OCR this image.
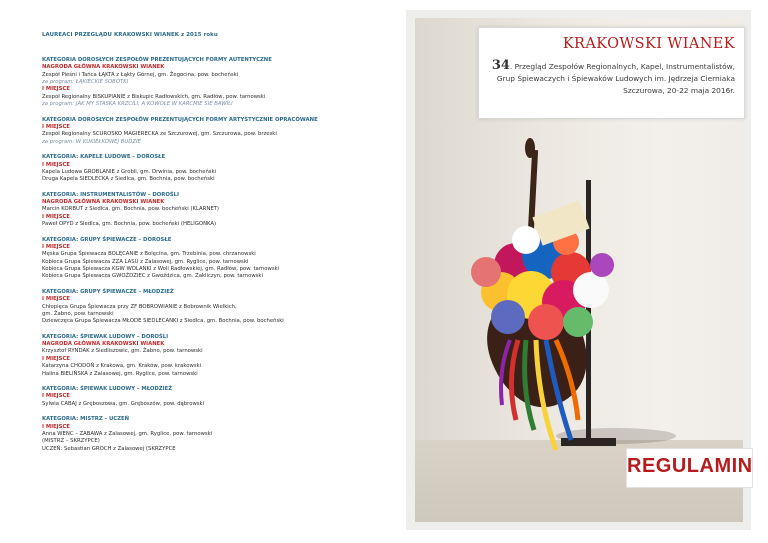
LAUREACI PRZEGLĄDU KRAKOWSKI WIANEK z 2015 roku
KATEGORIA DOROSŁYCH ZESPOŁÓW PREZENTUJĄCYCH FORMY AUTENTYCZNE
NAGRODA GŁÓWNA KRAKOWSKI WIANEK
Zespół Pieśni i Tańca ŁĄKTA z Łąkty Górnej, gm. Żegocina, pow. bocheński
za program: ŁĄKIECKIE SOBÓTKI
I MIEJSCE
Zespół Regionalny BISKUPIANIE z Biskupic Radłowskich, gm. Radłów, pow. tarnowski
za program: JAK MY STASKA KRZCILI, A KOWOLE W KARCMIE SIE BAWILI
KATEGORIA DOROSŁYCH ZESPOŁÓW PREZENTUJĄCYCH FORMY ARTYSTYCZNIE OPRACOWANE
I MIEJSCE
Zespół Regionalny SCUROSKO MAGIERECKA ze Szczurowej, gm. Szczurowa, pow. brzeski
za program: W KUKIEŁKOWEJ BUDZIE
KATEGORIA: KAPELE LUDOWE – DOROSŁE
I MIEJSCE
Kapela Ludowa GROBLANIE z Grobli, gm. Drwinia, pow. bocheński
Druga Kapela SIEDLECKA z Siedlca, gm. Bochnia, pow. bocheński
KATEGORIA: INSTRUMENTALISTÓW – DOROŚLI
NAGRODA GŁÓWNA KRAKOWSKI WIANEK
Marcin KORBUT z Siedlca, gm. Bochnia, pow. bocheński (KLARNET)
I MIEJSCE
Paweł OPYD z Siedlca, gm. Bochnia, pow. bocheński (HELIGONKA)
KATEGORIA: GRUPY ŚPIEWACZE – DOROSŁE
I MIEJSCE
Męska Grupa Śpiewacza BOLĘCANIE z Bolęcina, gm. Trzebinia, pow. chrzanowski
Kobieca Grupa Śpiewacza ZZA LASU z Zalasowej, gm. Ryglice, pow. tarnowski
Kobieca Grupa Śpiewacza KGW WOLANKI z Woli Radłowskiej, gm. Radłów, pow. tarnowski
Kobieca Grupa Śpiewacza GWOŹDZIEC z Gwoździca, gm. Zakliczyn, pow. tarnowski
KATEGORIA: GRUPY ŚPIEWACZE – MŁODZIEŻ
I MIEJSCE
Chłopięca Grupa Śpiewacza przy ZF BOBROWIANIE z Bobrownik Wielkich,
gm. Żabno, pow. tarnowski
Dziewczęca Grupa Śpiewacza MŁODE SIEDLECANKI z Siedlca, gm. Bochnia, pow. bocheński
KATEGORIA: ŚPIEWAK LUDOWY – DOROŚLI
NAGRODA GŁÓWNA KRAKOWSKI WIANEK
Krzysztof RYNDAK z Siedliszowic, gm. Żabno, pow. tarnowski
I MIEJSCE
Katarzyna CHODOŃ z Krakowa, gm. Kraków, pow. krakowski
Halina BIELIŃSKA z Zalasowej, gm. Ryglice, pow. tarnowski
KATEGORIA: ŚPIEWAK LUDOWY – MŁODZIEŻ
I MIEJSCE
Sylwia CABAJ z Gręboszowa, gm. Gręboszów, pow. dąbrowski
KATEGORIA: MISTRZ – UCZEŃ
I MIEJSCE
Anna WENC – ZABAWA z Zalasowej, gm. Ryglice, pow. tarnowski
(MISTRZ – SKRZYPCE)
UCZEŃ: Sebastian GROCH z Zalasowej (SKRZYPCE
KRAKOWSKI WIANEK
34. Przegląd Zespołów Regionalnych, Kapel, Instrumentalistów,
Grup Śpiewaczych i Śpiewaków Ludowych im. Jędrzeja Cierniaka
Szczurowa, 20-22 maja 2016r.
REGULAMIN
